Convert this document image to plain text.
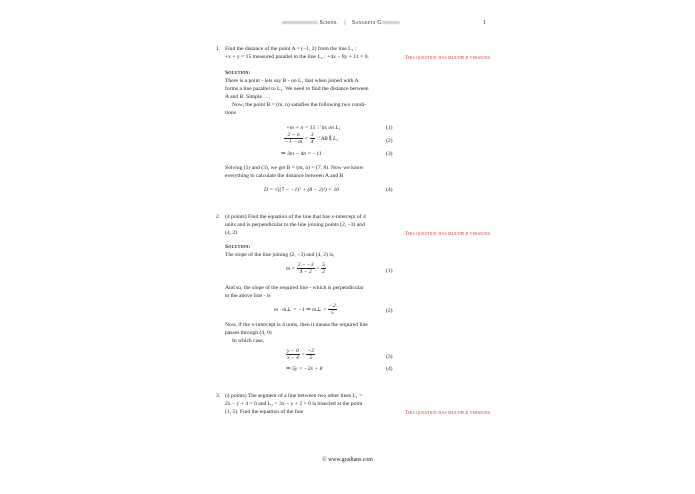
School | Sangeeta G	1
1. Find the distance of the point A = (−1, 2) from the line L₁ :
+x + y = 15 measured parallel to the line L₂ : +4x − 8y + 11 = 0.	This question has multiple versions
Solution:
There is a point - lets say B - on L₁ that when joined with A
forms a line parallel to L₂. We need to find the distance between
A and B. Simple . . .
Now, the point B = (m, n) satisfies the following two condi-
tions
+m + n = 15 ∵ its on L₁	(1)
$\frac{2 - n}{-1 - m} = \frac{3}{4}$ ∵ AB ∥ L₂	(2)
⇒ 3m − 4n = −11	(3)
Solving (1) and (3), we get B = (m, n) = (7, 8). Now we know
everything to calculate the distance between A and B
D = √((7 − −1)² + (8 − 2)²) = 10	(4)
2. (4 points) Find the equation of the line that has x-intercept of 4
units and is perpendicular to the line joining points (2, −3) and
(4, 2)	This question has multiple versions
Solution:
The slope of the line joining (2, −3) and (4, 2) is,
$m = \frac{2 - -3}{4 - 2} = \frac{5}{2}$	(1)
And so, the slope of the required line - which is perpendicular
to the above line - is
m · m⊥ = −1 ⇒ m⊥ = $\frac{-2}{5}$	(2)
Now, if the x-intercept is 4 units, then it means the required line
passes through (4, 0)
In which case,
$\frac{y - 0}{x - 4} = \frac{-2}{5}$	(3)
⇒ 5y = −2x + 8	(4)
3. (4 points) The segment of a line between two other lines L₁ =
2x − y + 4 = 0 and L₂ = 3x − y + 2 = 0 is bisected at the point
(1, 5). Find the equation of the line	This question has multiple versions
© www.gradians.com
